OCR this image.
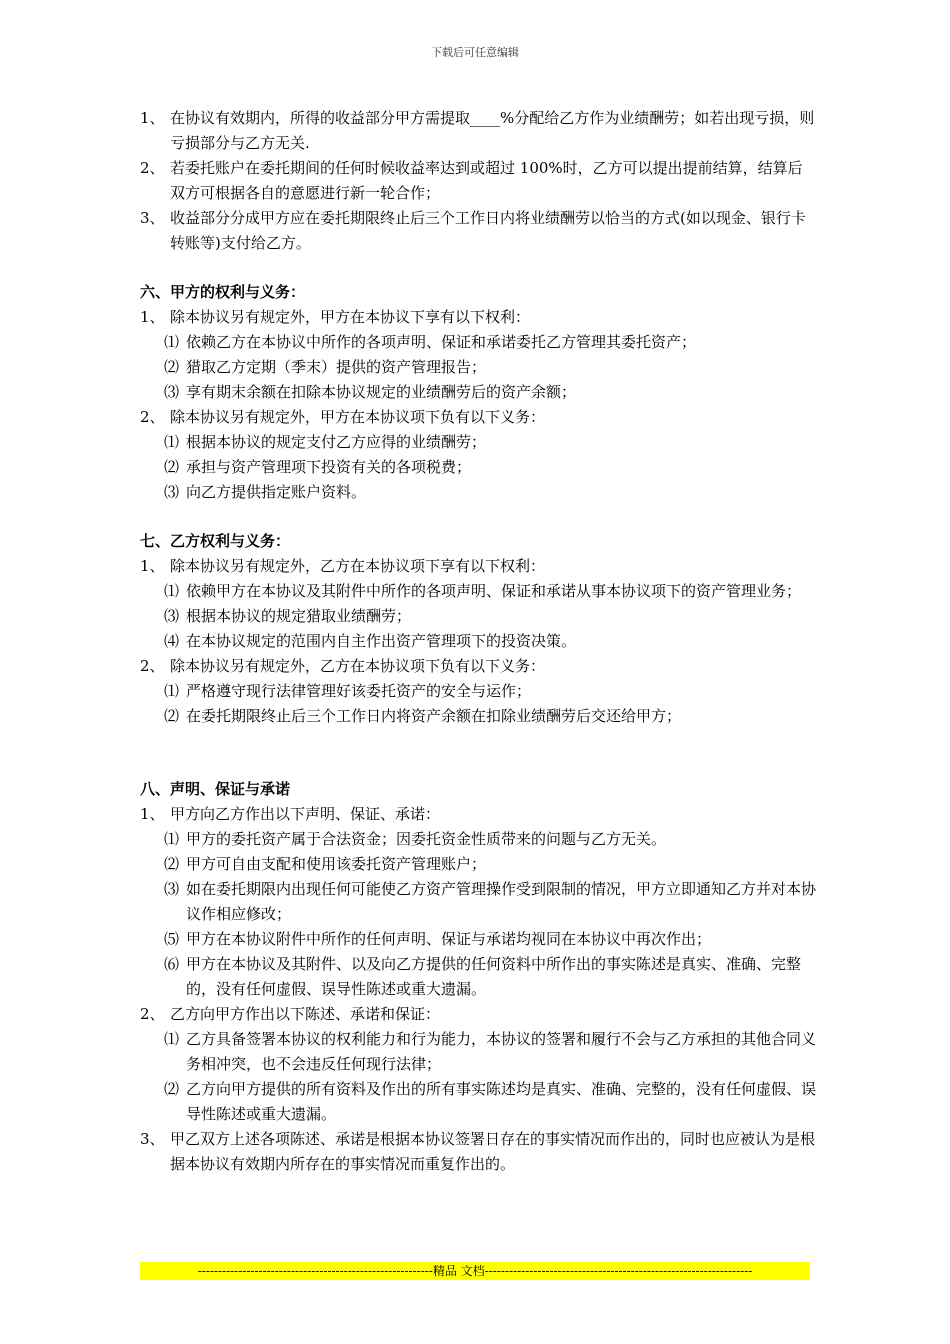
下载后可任意编辑

1、 在协议有效期内，所得的收益部分甲方需提取____%分配给乙方作为业绩酬劳；如若出现亏损，则亏损部分与乙方无关.

2、 若委托账户在委托期间的任何时候收益率达到或超过 100%时，乙方可以提出提前结算，结算后双方可根据各自的意愿进行新一轮合作；

3、 收益部分分成甲方应在委托期限终止后三个工作日内将业绩酬劳以恰当的方式(如以现金、银行卡转账等)支付给乙方。

六、甲方的权利与义务：

1、 除本协议另有规定外，甲方在本协议下享有以下权利：

⑴ 依赖乙方在本协议中所作的各项声明、保证和承诺委托乙方管理其委托资产；

⑵ 猎取乙方定期（季末）提供的资产管理报告；

⑶ 享有期末余额在扣除本协议规定的业绩酬劳后的资产余额；

2、 除本协议另有规定外，甲方在本协议项下负有以下义务：

⑴ 根据本协议的规定支付乙方应得的业绩酬劳；

⑵ 承担与资产管理项下投资有关的各项税费；

⑶ 向乙方提供指定账户资料。

七、乙方权利与义务：

1、 除本协议另有规定外，乙方在本协议项下享有以下权利：

⑴ 依赖甲方在本协议及其附件中所作的各项声明、保证和承诺从事本协议项下的资产管理业务；

⑶ 根据本协议的规定猎取业绩酬劳；

⑷ 在本协议规定的范围内自主作出资产管理项下的投资决策。

2、 除本协议另有规定外，乙方在本协议项下负有以下义务：

⑴ 严格遵守现行法律管理好该委托资产的安全与运作；

⑵ 在委托期限终止后三个工作日内将资产余额在扣除业绩酬劳后交还给甲方；

八、声明、保证与承诺

1、 甲方向乙方作出以下声明、保证、承诺：

⑴ 甲方的委托资产属于合法资金；因委托资金性质带来的问题与乙方无关。

⑵ 甲方可自由支配和使用该委托资产管理账户；

⑶ 如在委托期限内出现任何可能使乙方资产管理操作受到限制的情况，甲方立即通知乙方并对本协议作相应修改；

⑸ 甲方在本协议附件中所作的任何声明、保证与承诺均视同在本协议中再次作出；

⑹ 甲方在本协议及其附件、以及向乙方提供的任何资料中所作出的事实陈述是真实、准确、完整的，没有任何虚假、误导性陈述或重大遗漏。

2、 乙方向甲方作出以下陈述、承诺和保证：

⑴ 乙方具备签署本协议的权利能力和行为能力，本协议的签署和履行不会与乙方承担的其他合同义务相冲突，也不会违反任何现行法律；

⑵ 乙方向甲方提供的所有资料及作出的所有事实陈述均是真实、准确、完整的，没有任何虚假、误导性陈述或重大遗漏。

3、 甲乙双方上述各项陈述、承诺是根据本协议签署日存在的事实情况而作出的，同时也应被认为是根据本协议有效期内所存在的事实情况而重复作出的。

----------------------------------------------------------精品 文档------------------------------------------------------------------
